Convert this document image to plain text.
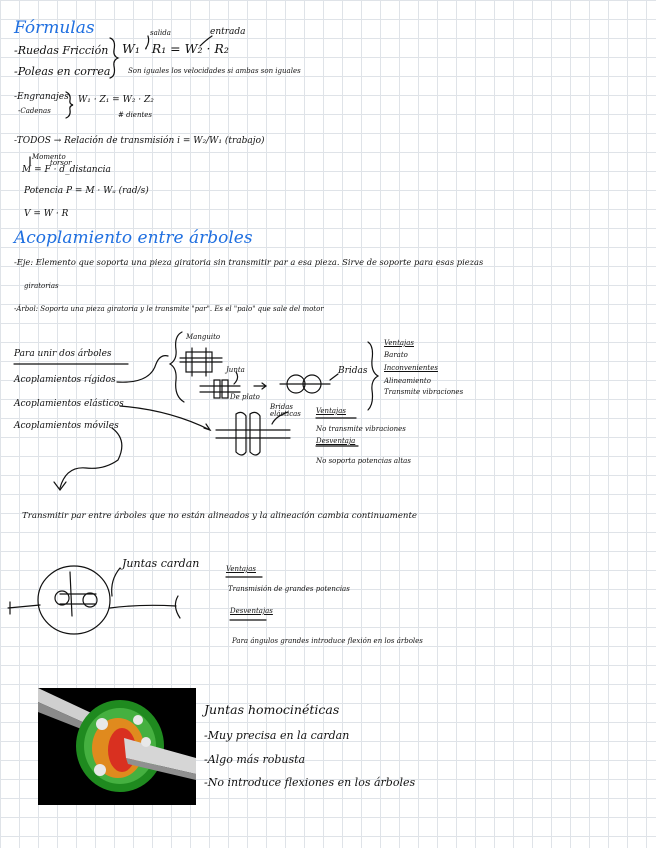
Fórmulas
-Ruedas Fricción
-Poleas en correa
W₁ · R₁ = W₂ · R₂
salida	entrada
Son iguales los velocidades si ambas son iguales
-Engranajes
-Cadenas
W₁ · Z₁ = W₂ · Z₂
# dientes
-TODOS → Relación de transmisión i = W₂/W₁ (trabajo)
Momento
torsor
M = F · d_distancia
Potencia P = M · Wₐ (rad/s)
V = W · R
Acoplamiento entre árboles
-Eje: Elemento que soporta una pieza giratoria sin transmitir par a esa pieza. Sirve de soporte para esas piezas
giratorias
-Árbol: Soporta una pieza giratoria y le transmite "par". Es el "palo" que sale del motor
Para unir dos árboles
Acoplamientos rígidos
Acoplamientos elásticos
Acoplamientos móviles
Manguito
Junta
De plato
Bridas
Bridas elásticas
Ventajas
Barato
Inconvenientes
Alineamiento
Transmite vibraciones
Ventajas
No transmite vibraciones
Desventaja
No soporta potencias altas
Transmitir par entre árboles que no están alineados y la alineación cambia continuamente
Juntas cardan	Ventajas
Transmisión de grandes potencias
Desventajas
Para ángulos grandes introduce flexión en los árboles
Juntas homocinéticas
-Muy precisa en la cardan
-Algo más robusta
-No introduce flexiones en los árboles
